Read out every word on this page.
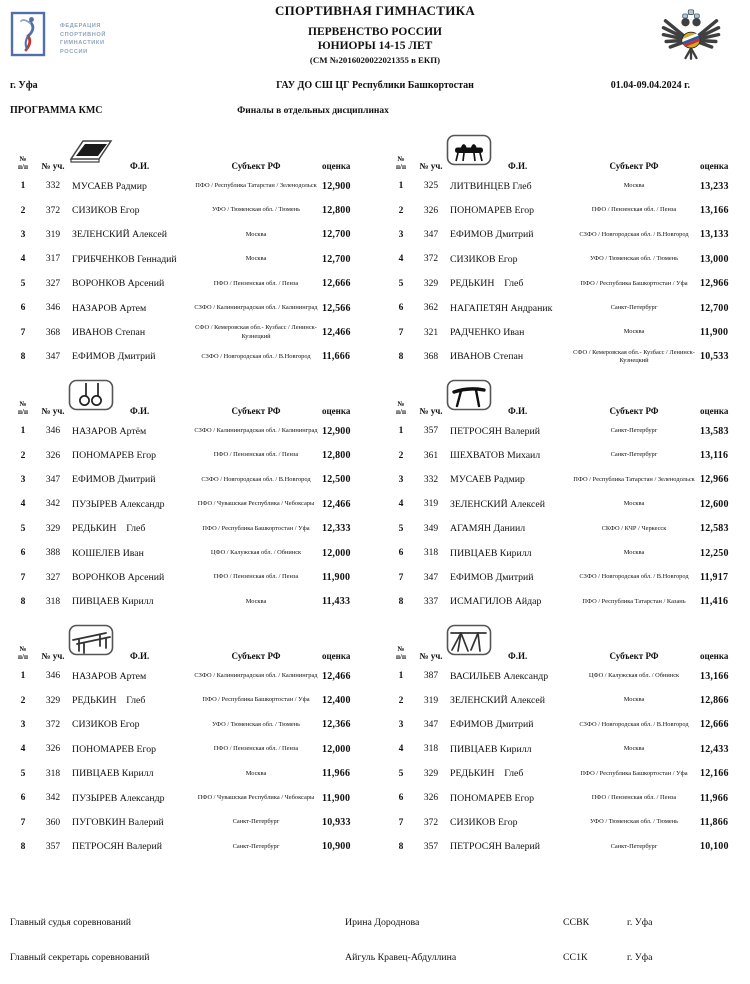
ФЕДЕРАЦИЯ
СПОРТИВНОЙ
ГИМНАСТИКИ
РОССИИ
СПОРТИВНАЯ ГИМНАСТИКА
ПЕРВЕНСТВО РОССИИ
ЮНИОРЫ 14-15 ЛЕТ
(СМ №2016020022021355 в ЕКП)
г. Уфа	ГАУ ДО СШ ЦГ Республики Башкортостан	01.04-09.04.2024 г.
ПРОГРАММА КМС	Финалы в отдельных дисциплинах
№
п/п	№ уч.	Ф.И.	Субъект РФ	оценка
1	332	МУСАЕВ Радмир	ПФО / Республика Татарстан / Зеленодольск 12,900
2	372	СИЗИКОВ Егор	УФО / Тюменская обл. / Тюмень	12,800
3	319	ЗЕЛЕНСКИЙ Алексей	Москва	12,700
4	317	ГРИБЧЕНКОВ Геннадий	Москва	12,700
5	327	ВОРОНКОВ Арсений	ПФО / Пензенская обл. / Пенза	12,666
6	346	НАЗАРОВ Артем	СЗФО / Калининградская обл. / Калининград 12,566
7	368	ИВАНОВ Степан	СФО / Кемеровская обл.- Кузбасс / Ленинск-Кузнецкий	12,466
8	347	ЕФИМОВ Дмитрий	СЗФО / Новгородская обл. / В.Новгород	11,666
№
п/п	№ уч.	Ф.И.	Субъект РФ	оценка
1	325	ЛИТВИНЦЕВ Глеб	Москва	13,233
2	326	ПОНОМАРЕВ Егор	ПФО / Пензенская обл. / Пенза	13,166
3	347	ЕФИМОВ Дмитрий	СЗФО / Новгородская обл. / В.Новгород	13,133
4	372	СИЗИКОВ Егор	УФО / Тюменская обл. / Тюмень	13,000
5	329	РЕДЬКИН    Глеб	ПФО / Республика Башкортостан / Уфа	12,966
6	362	НАГАПЕТЯН Андраник	Санкт-Петербург	12,700
7	321	РАДЧЕНКО Иван	Москва	11,900
8	368	ИВАНОВ Степан	СФО / Кемеровская обл.- Кузбасс / Ленинск-Кузнецкий	10,533
№
п/п	№ уч.	Ф.И.	Субъект РФ	оценка
1	346	НАЗАРОВ Артём	СЗФО / Калининградская обл. / Калининград 12,900
2	326	ПОНОМАРЕВ Егор	ПФО / Пензенская обл. / Пенза	12,800
3	347	ЕФИМОВ Дмитрий	СЗФО / Новгородская обл. / В.Новгород	12,500
4	342	ПУЗЫРЕВ Александр	ПФО / Чувашская Республика / Чебоксары 12,466
5	329	РЕДЬКИН    Глеб	ПФО / Республика Башкортостан / Уфа	12,333
6	388	КОШЕЛЕВ Иван	ЦФО / Калужская обл. / Обнинск	12,000
7	327	ВОРОНКОВ Арсений	ПФО / Пензенская обл. / Пенза	11,900
8	318	ПИВЦАЕВ Кирилл	Москва	11,433
№
п/п	№ уч.	Ф.И.	Субъект РФ	оценка
1	357	ПЕТРОСЯН Валерий	Санкт-Петербург	13,583
2	361	ШЕХВАТОВ Михаил	Санкт-Петербург	13,116
3	332	МУСАЕВ Радмир	ПФО / Республика Татарстан / Зеленодольск 12,966
4	319	ЗЕЛЕНСКИЙ Алексей	Москва	12,600
5	349	АГАМЯН Даниил	СКФО / КЧР / Черкесск	12,583
6	318	ПИВЦАЕВ Кирилл	Москва	12,250
7	347	ЕФИМОВ Дмитрий	СЗФО / Новгородская обл. / В.Новгород	11,917
8	337	ИСМАГИЛОВ Айдар	ПФО / Республика Татарстан / Казань	11,416
№
п/п	№ уч.	Ф.И.	Субъект РФ	оценка
1	346	НАЗАРОВ Артем	СЗФО / Калининградская обл. / Калининград 12,466
2	329	РЕДЬКИН    Глеб	ПФО / Республика Башкортостан / Уфа	12,400
3	372	СИЗИКОВ Егор	УФО / Тюменская обл. / Тюмень	12,366
4	326	ПОНОМАРЕВ Егор	ПФО / Пензенская обл. / Пенза	12,000
5	318	ПИВЦАЕВ Кирилл	Москва	11,966
6	342	ПУЗЫРЕВ Александр	ПФО / Чувашская Республика / Чебоксары 11,900
7	360	ПУГОВКИН Валерий	Санкт-Петербург	10,933
8	357	ПЕТРОСЯН Валерий	Санкт-Петербург	10,900
№
п/п	№ уч.	Ф.И.	Субъект РФ	оценка
1	387	ВАСИЛЬЕВ Александр	ЦФО / Калужская обл. / Обнинск	13,166
2	319	ЗЕЛЕНСКИЙ Алексей	Москва	12,866
3	347	ЕФИМОВ Дмитрий	СЗФО / Новгородская обл. / В.Новгород	12,666
4	318	ПИВЦАЕВ Кирилл	Москва	12,433
5	329	РЕДЬКИН    Глеб	ПФО / Республика Башкортостан / Уфа	12,166
6	326	ПОНОМАРЕВ Егор	ПФО / Пензенская обл. / Пенза	11,966
7	372	СИЗИКОВ Егор	УФО / Тюменская обл. / Тюмень	11,866
8	357	ПЕТРОСЯН Валерий	Санкт-Петербург	10,100
Главный судья соревнований	Ирина Дороднова	ССВК	г. Уфа
Главный секретарь соревнований	Айгуль Кравец-Абдуллина	СС1К	г. Уфа
